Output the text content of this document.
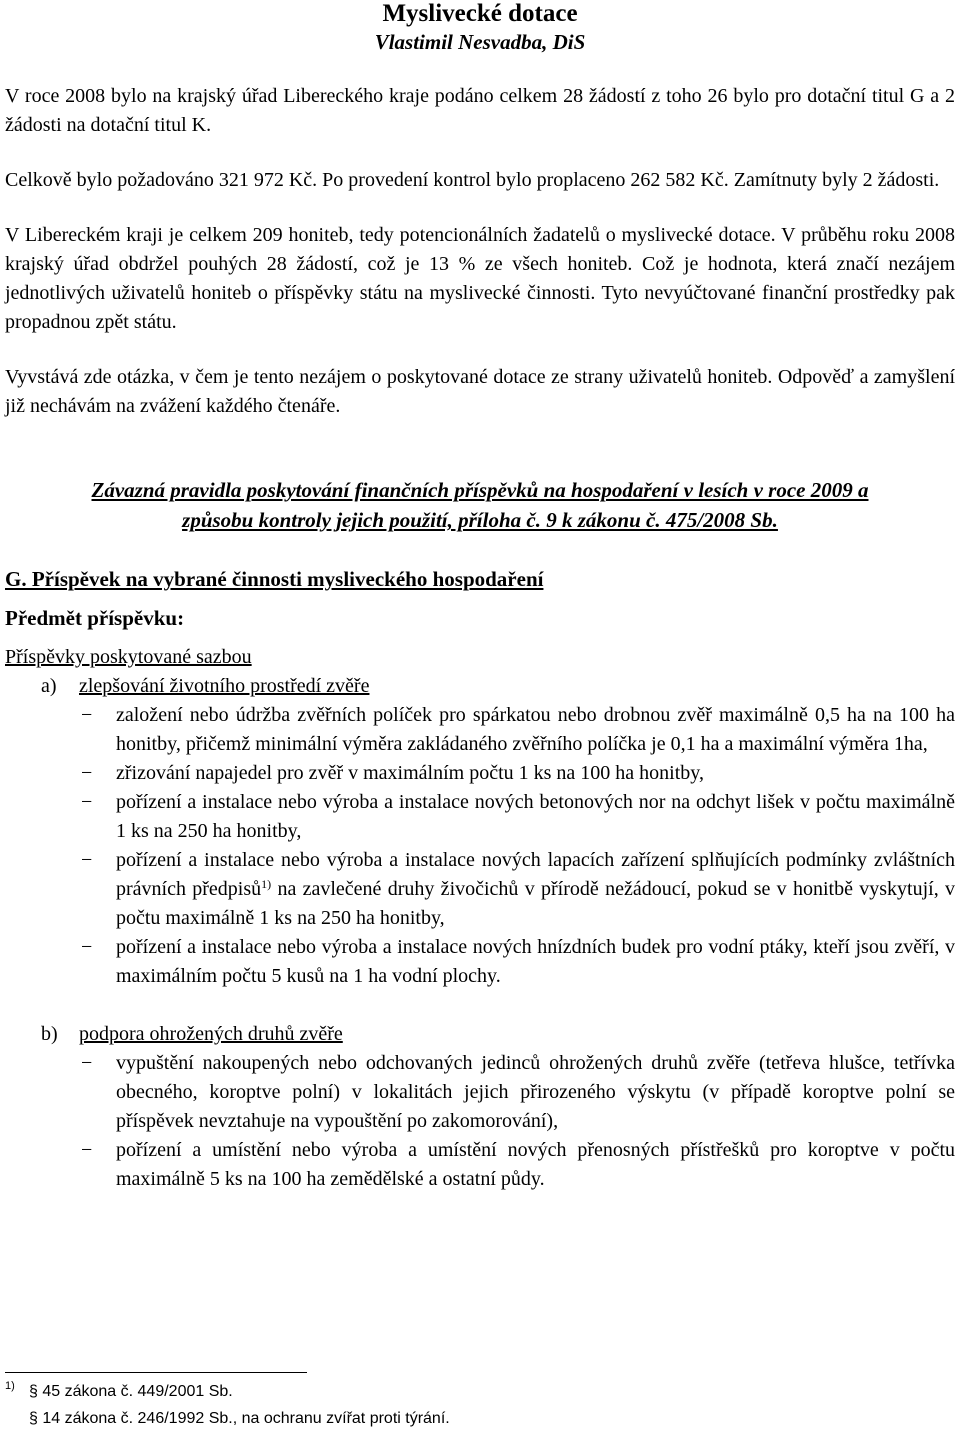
Myslivecké dotace
Vlastimil Nesvadba, DiS

V roce 2008 bylo na krajský úřad Libereckého kraje podáno celkem 28 žádostí z toho 26 bylo pro dotační titul G a 2 žádosti na dotační titul K.

Celkově bylo požadováno 321 972 Kč. Po provedení kontrol bylo proplaceno 262 582 Kč. Zamítnuty byly 2 žádosti.

V Libereckém kraji je celkem 209 honiteb, tedy potencionálních žadatelů o myslivecké dotace. V průběhu roku 2008 krajský úřad obdržel pouhých 28 žádostí, což je 13 % ze všech honiteb. Což je hodnota, která značí nezájem jednotlivých uživatelů honiteb o příspěvky státu na myslivecké činnosti. Tyto nevyúčtované finanční prostředky pak propadnou zpět státu.

Vyvstává zde otázka, v čem je tento nezájem o poskytované dotace ze strany uživatelů honiteb. Odpověď a zamyšlení již nechávám na zvážení každého čtenáře.

Závazná pravidla poskytování finančních příspěvků na hospodaření v lesích v roce 2009 a
způsobu kontroly jejich použití, příloha č. 9 k zákonu č. 475/2008 Sb.
G. Příspěvek na vybrané činnosti mysliveckého hospodaření
Předmět příspěvku:
Příspěvky poskytované sazbou
a)	zlepšování životního prostředí zvěře
− založení nebo údržba zvěřních políček pro spárkatou nebo drobnou zvěř maximálně 0,5 ha na 100 ha honitby, přičemž minimální výměra zakládaného zvěřního políčka je 0,1 ha a maximální výměra 1ha,
− zřizování napajedel pro zvěř v maximálním počtu 1 ks na 100 ha honitby,
− pořízení a instalace nebo výroba a instalace nových betonových nor na odchyt lišek v počtu maximálně 1 ks na 250 ha honitby,
− pořízení a instalace nebo výroba a instalace nových lapacích zařízení splňujících podmínky zvláštních právních předpisů$^{1)}$ na zavlečené druhy živočichů v přírodě nežádoucí, pokud se v honitbě vyskytují, v počtu maximálně 1 ks na 250 ha honitby,
− pořízení a instalace nebo výroba a instalace nových hnízdních budek pro vodní ptáky, kteří jsou zvěří, v maximálním počtu 5 kusů na 1 ha vodní plochy.
b)	podpora ohrožených druhů zvěře
− vypuštění nakoupených nebo odchovaných jedinců ohrožených druhů zvěře (tetřeva hlušce, tetřívka obecného, koroptve polní) v lokalitách jejich přirozeného výskytu (v případě koroptve polní se příspěvek nevztahuje na vypouštění po zakomorování),
− pořízení a umístění nebo výroba a umístění nových přenosných přístřešků pro koroptve v počtu maximálně 5 ks na 100 ha zemědělské a ostatní půdy.
1) § 45 zákona č. 449/2001 Sb.
§ 14 zákona č. 246/1992 Sb., na ochranu zvířat proti týrání.
